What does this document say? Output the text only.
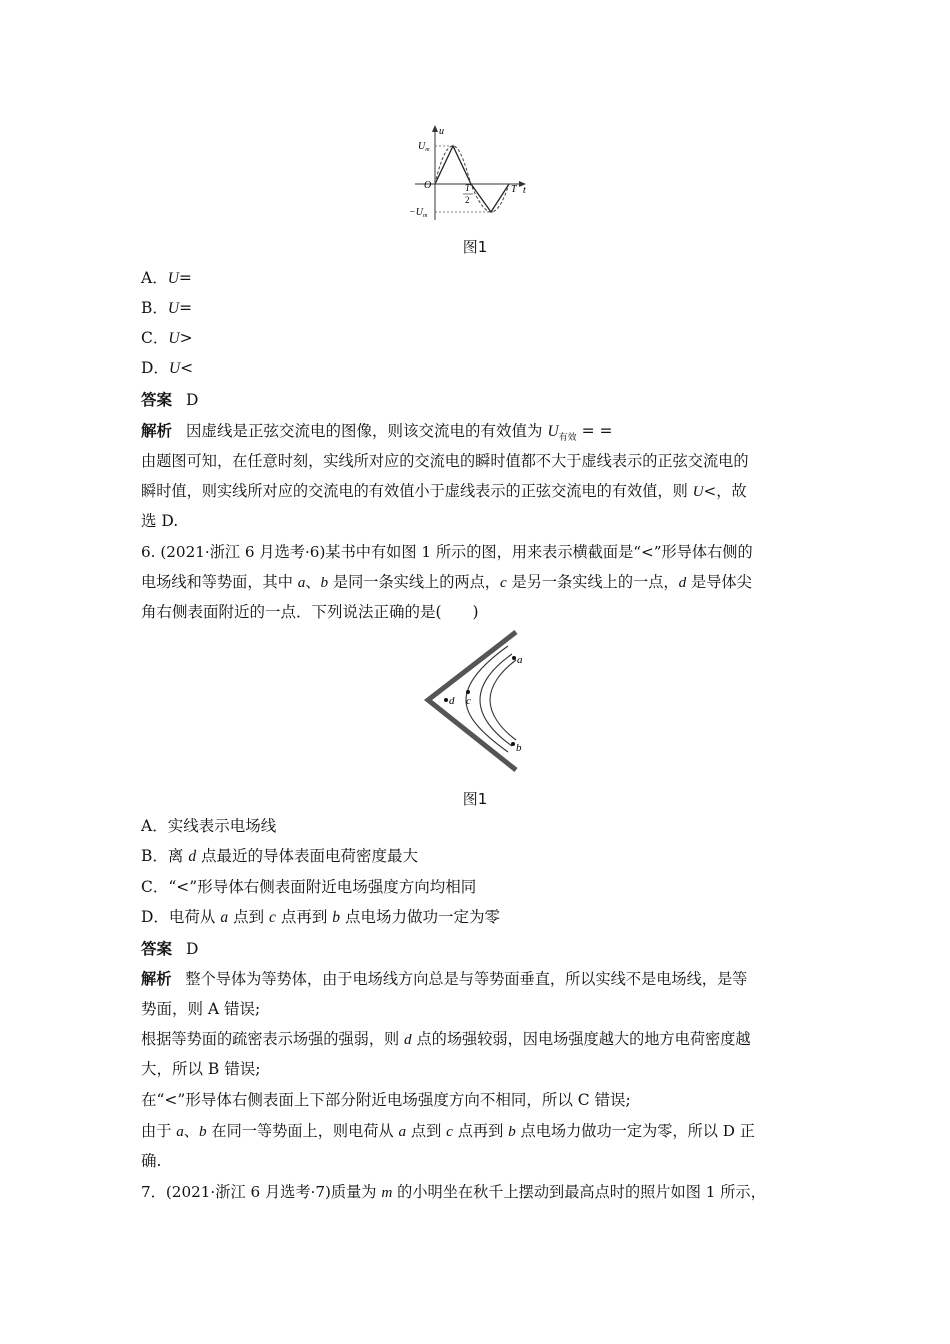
u
$U_m$
O	T
2
T t
$-U_m$
图1
A．U=
B．U=
C．U>
D．U<
答案 D
解析 因虚线是正弦交流电的图像，则该交流电的有效值为 $U_{有效}$ = =
由题图可知，在任意时刻，实线所对应的交流电的瞬时值都不大于虚线表示的正弦交流电的
瞬时值，则实线所对应的交流电的有效值小于虚线表示的正弦交流电的有效值，则 U<，故
选 D.
6. (2021·浙江 6 月选考·6)某书中有如图 1 所示的图，用来表示横截面是“<”形导体右侧的
电场线和等势面，其中 a、b 是同一条实线上的两点，c 是另一条实线上的一点，d 是导体尖
角右侧表面附近的一点．下列说法正确的是(　　)
d c
a
b
图1
A．实线表示电场线
B．离 d 点最近的导体表面电荷密度最大
C．“<”形导体右侧表面附近电场强度方向均相同
D．电荷从 a 点到 c 点再到 b 点电场力做功一定为零
答案 D
解析 整个导体为等势体，由于电场线方向总是与等势面垂直，所以实线不是电场线，是等
势面，则 A 错误;
根据等势面的疏密表示场强的强弱，则 d 点的场强较弱，因电场强度越大的地方电荷密度越
大，所以 B 错误;
在“<”形导体右侧表面上下部分附近电场强度方向不相同，所以 C 错误;
由于 a、b 在同一等势面上，则电荷从 a 点到 c 点再到 b 点电场力做功一定为零，所以 D 正
确.
7．(2021·浙江 6 月选考·7)质量为 m 的小明坐在秋千上摆动到最高点时的照片如图 1 所示，
